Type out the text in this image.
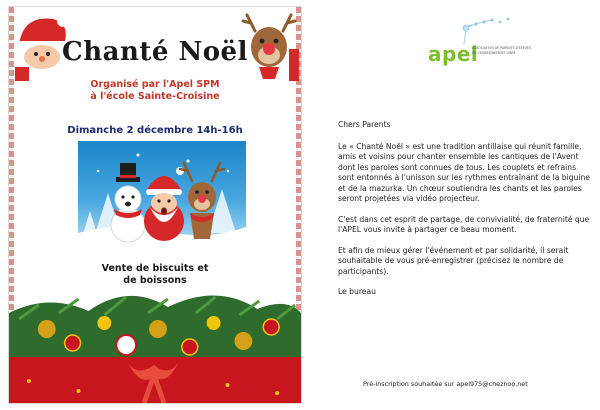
Chanté Noël
Organisé par l'Apel SPM
à l'école Sainte-Croisine
Dimanche 2 décembre 14h-16h
Vente de biscuits et
de boissons
apel
ASSOCIATION DE PARENTS D'ÉLÈVES DE L'ENSEIGNEMENT LIBRE

Chers Parents

Le « Chanté Noël » est une tradition antillaise qui réunit famille, amis et voisins pour chanter ensemble les cantiques de l'Avent dont les paroles sont connues de tous. Les couplets et refrains sont entonnés à l'unisson sur les rythmes entraînant de la biguine et de la mazurka. Un chœur soutiendra les chants et les paroles seront projetées via vidéo projecteur.

C'est dans cet esprit de partage, de convivialité, de fraternité que l'APEL vous invite à partager ce beau moment.

Et afin de mieux gérer l'événement et par solidarité, il serait souhaitable de vous pré-enregistrer (précisez le nombre de participants).

Le bureau

Pré-inscription souhaitée sur apel975@cheznoo.net
